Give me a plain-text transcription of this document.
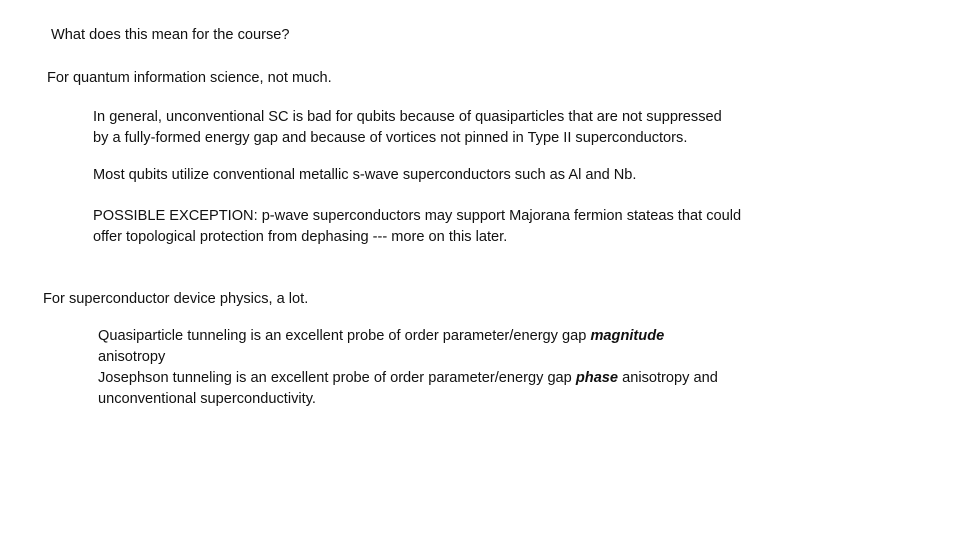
What does this mean for the course?
For quantum information science, not much.

In general, unconventional SC is bad for qubits because of quasiparticles that are not suppressed

by a fully-formed energy gap and because of vortices not pinned in Type II superconductors.

Most qubits utilize conventional metallic s-wave superconductors such as Al and Nb.

POSSIBLE EXCEPTION: p-wave superconductors may support Majorana fermion stateas that could

offer topological protection from dephasing --- more on this later.

For superconductor device physics, a lot.

Quasiparticle tunneling is an excellent probe of order parameter/energy gap magnitude

anisotropy

Josephson tunneling is an excellent probe of order parameter/energy gap phase anisotropy and

unconventional superconductivity.
